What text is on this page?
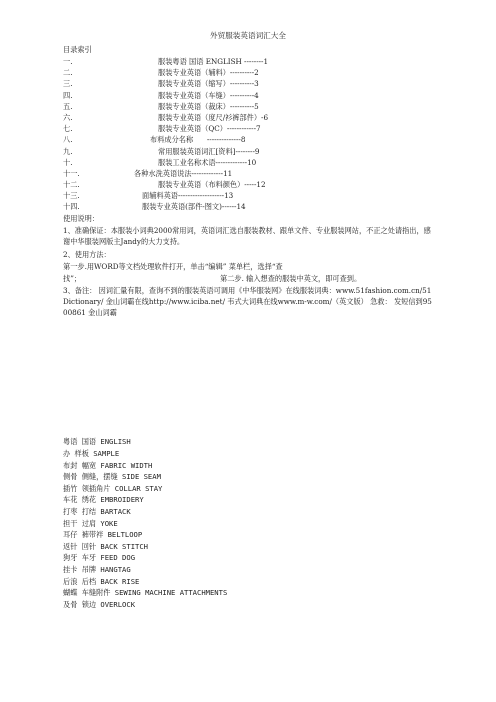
外贸服装英语词汇大全
目录索引
一.	服装粤语 国语 ENGLISH --------1
二.	服装专业英语（辅料）----------2
三.	服装专业英语（缩写）----------3
四.	服装专业英语（车缝）----------4
五.	服装专业英语（裁床）----------5
六.	服装专业英语（度尺/衫裤部件）-6
七.	服装专业英语（QC）------------7
八.	布料成分名称      --------------8
九.	常用服装英语词汇[资料]--------9
十.	服装工业名称术语-------------10
十一.	各种水洗英语说法-------------11
十二.	服装专业英语（布料颜色）-----12
十三.	面辅料英语-------------------13
十四.	服装专业英语(部件-图文)------14
使用说明：
1、准确保证：本服装小词典2000常用词，英语词汇选自服装教材、跟单文件、专业服装网站，不正之处请指出，感谢中华服装网版主Jandy的大力支持。
2、使用方法：
第一步.用WORD等文档处理软件打开，单击“编辑” 菜单栏，选择“查
找”；	第二步. 输入想查的服装中英文，即可查到。
3、备注： 因词汇量有限，查询不到的服装英语可调用《中华服装网》在线服装词典：www.51fashion.com.cn/51Dictionary/ 金山词霸在线http://www.iciba.net/ 韦式大词典在线www.m-w.com/（英文版） 急救： 发短信到9500861 金山词霸
粤语 国语 ENGLISH
办 样板 SAMPLE
布封 幅宽 FABRIC WIDTH
侧骨 侧缝，摆缝 SIDE SEAM
插竹 领插角片 COLLAR STAY
车花 绣花 EMBROIDERY
打枣 打结 BARTACK
担干 过肩 YOKE
耳仔 裤带袢 BELTLOOP
返针 回针 BACK STITCH
狗牙 车牙 FEED DOG
挂卡 吊牌 HANGTAG
后浪 后档 BACK RISE
蝴蝶 车缝附件 SEWING MACHINE ATTACHMENTS
及骨 锁边 OVERLOCK
